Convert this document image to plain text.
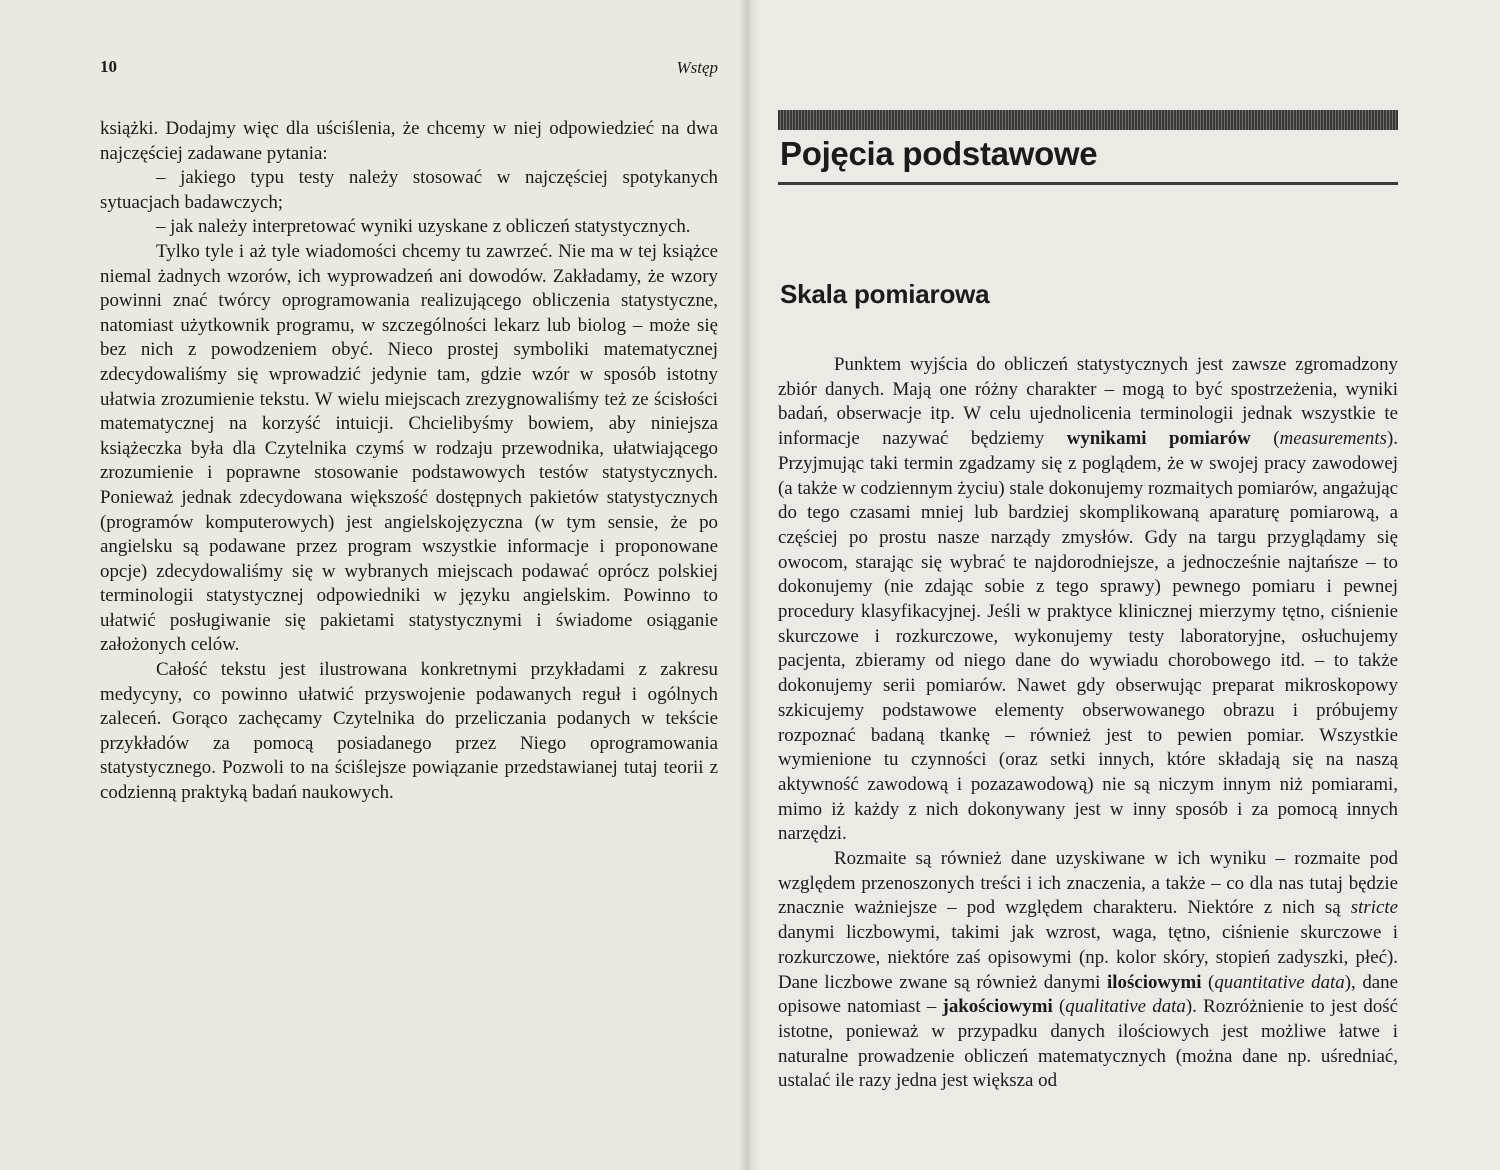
10	Wstęp

książki. Dodajmy więc dla uściślenia, że chcemy w niej odpowiedzieć na dwa najczęściej zadawane pytania:

– jakiego typu testy należy stosować w najczęściej spotykanych sytuacjach badawczych;

– jak należy interpretować wyniki uzyskane z obliczeń statystycznych.

Tylko tyle i aż tyle wiadomości chcemy tu zawrzeć. Nie ma w tej książce niemal żadnych wzorów, ich wyprowadzeń ani dowodów. Zakładamy, że wzory powinni znać twórcy oprogramowania realizującego obliczenia statystyczne, natomiast użytkownik programu, w szczególności lekarz lub biolog – może się bez nich z powodzeniem obyć. Nieco prostej symboliki matematycznej zdecydowaliśmy się wprowadzić jedynie tam, gdzie wzór w sposób istotny ułatwia zrozumienie tekstu. W wielu miejscach zrezygnowaliśmy też ze ścisłości matematycznej na korzyść intuicji. Chcielibyśmy bowiem, aby niniejsza książeczka była dla Czytelnika czymś w rodzaju przewodnika, ułatwiającego zrozumienie i poprawne stosowanie podstawowych testów statystycznych. Ponieważ jednak zdecydowana większość dostępnych pakietów statystycznych (programów komputerowych) jest angielskojęzyczna (w tym sensie, że po angielsku są podawane przez program wszystkie informacje i proponowane opcje) zdecydowaliśmy się w wybranych miejscach podawać oprócz polskiej terminologii statystycznej odpowiedniki w języku angielskim. Powinno to ułatwić posługiwanie się pakietami statystycznymi i świadome osiąganie założonych celów.

Całość tekstu jest ilustrowana konkretnymi przykładami z zakresu medycyny, co powinno ułatwić przyswojenie podawanych reguł i ogólnych zaleceń. Gorąco zachęcamy Czytelnika do przeliczania podanych w tekście przykładów za pomocą posiadanego przez Niego oprogramowania statystycznego. Pozwoli to na ściślejsze powiązanie przedstawianej tutaj teorii z codzienną praktyką badań naukowych.

Pojęcia podstawowe
Skala pomiarowa

Punktem wyjścia do obliczeń statystycznych jest zawsze zgromadzony zbiór danych. Mają one różny charakter – mogą to być spostrzeżenia, wyniki badań, obserwacje itp. W celu ujednolicenia terminologii jednak wszystkie te informacje nazywać będziemy wynikami pomiarów (measurements). Przyjmując taki termin zgadzamy się z poglądem, że w swojej pracy zawodowej (a także w codziennym życiu) stale dokonujemy rozmaitych pomiarów, angażując do tego czasami mniej lub bardziej skomplikowaną aparaturę pomiarową, a częściej po prostu nasze narządy zmysłów. Gdy na targu przyglądamy się owocom, starając się wybrać te najdorodniejsze, a jednocześnie najtańsze – to dokonujemy (nie zdając sobie z tego sprawy) pewnego pomiaru i pewnej procedury klasyfikacyjnej. Jeśli w praktyce klinicznej mierzymy tętno, ciśnienie skurczowe i rozkurczowe, wykonujemy testy laboratoryjne, osłuchujemy pacjenta, zbieramy od niego dane do wywiadu chorobowego itd. – to także dokonujemy serii pomiarów. Nawet gdy obserwując preparat mikroskopowy szkicujemy podstawowe elementy obserwowanego obrazu i próbujemy rozpoznać badaną tkankę – również jest to pewien pomiar. Wszystkie wymienione tu czynności (oraz setki innych, które składają się na naszą aktywność zawodową i pozazawodową) nie są niczym innym niż pomiarami, mimo iż każdy z nich dokonywany jest w inny sposób i za pomocą innych narzędzi.

Rozmaite są również dane uzyskiwane w ich wyniku – rozmaite pod względem przenoszonych treści i ich znaczenia, a także – co dla nas tutaj będzie znacznie ważniejsze – pod względem charakteru. Niektóre z nich są stricte danymi liczbowymi, takimi jak wzrost, waga, tętno, ciśnienie skurczowe i rozkurczowe, niektóre zaś opisowymi (np. kolor skóry, stopień zadyszki, płeć). Dane liczbowe zwane są również danymi ilościowymi (quantitative data), dane opisowe natomiast – jakościowymi (qualitative data). Rozróżnienie to jest dość istotne, ponieważ w przypadku danych ilościowych jest możliwe łatwe i naturalne prowadzenie obliczeń matematycznych (można dane np. uśredniać, ustalać ile razy jedna jest większa od
